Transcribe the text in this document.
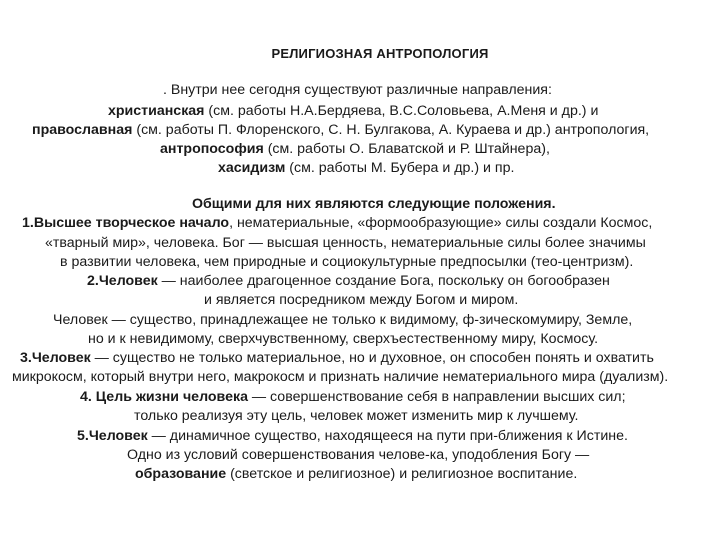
РЕЛИГИОЗНАЯ АНТРОПОЛОГИЯ
. Внутри нее сегодня существуют различные направления:
христианская (см. работы Н.А.Бердяева, В.С.Соловьева, А.Меня и др.) и
православная (см. работы П. Флоренского, С. Н. Булгакова, А. Кураева и др.) антропология,
антропософия (см. работы О. Блаватской и Р. Штайнера),
хасидизм (см. работы М. Бубера и др.) и пр.
Общими для них являются следующие положения.
1.Высшее творческое начало, нематериальные, «формообразующие» силы создали Космос,
«тварный мир», человека. Бог — высшая ценность, нематериальные силы более значимы
в развитии человека, чем природные и социокультурные предпосылки (тео-центризм).
2.Человек — наиболее драгоценное создание Бога, поскольку он богообразен
и является посредником между Богом и миром.
Человек — существо, принадлежащее не только к видимому, ф-зическомумиру, Земле,
но и к невидимому, сверхчувственному, сверхъестественному миру, Космосу.
3.Человек — существо не только материальное, но и духовное, он способен понять и охватить
микрокосм, который внутри него, макрокосм и признать наличие нематериального мира (дуализм).
4. Цель жизни человека — совершенствование себя в направлении высших сил;
только реализуя эту цель, человек может изменить мир к лучшему.
5.Человек — динамичное существо, находящееся на пути при-ближения к Истине.
Одно из условий совершенствования челове-ка, уподобления Богу —
образование (светское и религиозное) и религиозное воспитание.
